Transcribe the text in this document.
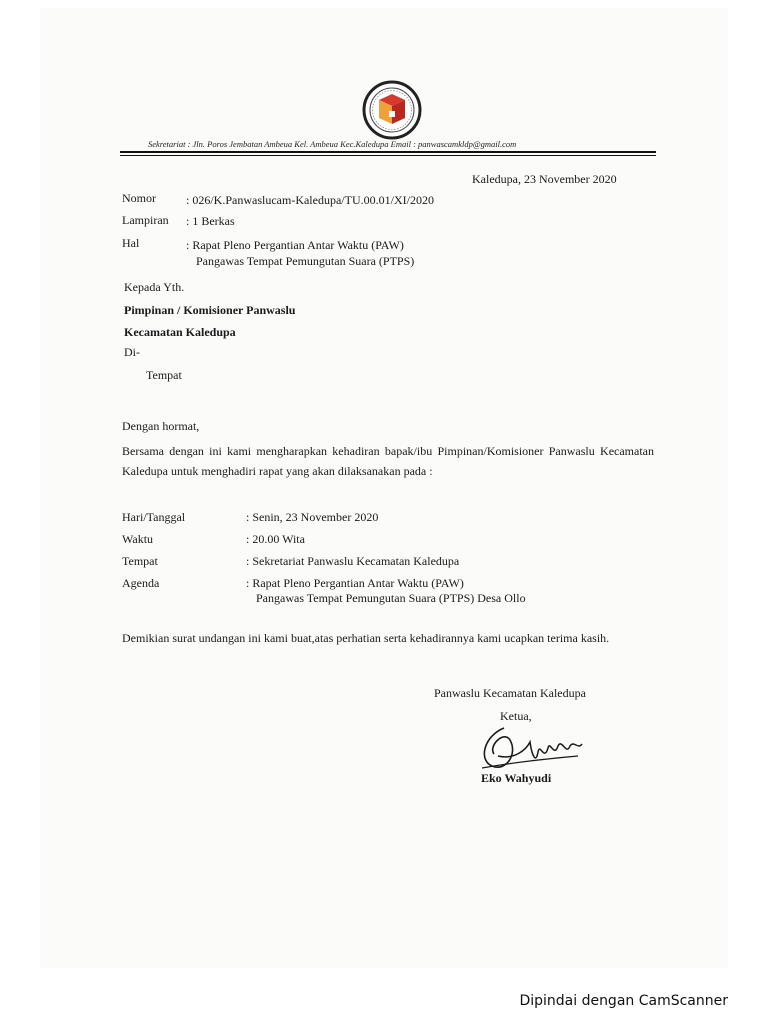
Sekretariat : Jln. Poros Jembatan Ambeua Kel. Ambeua Kec.Kaledupa Email : panwascamkldp@gmail.com
Kaledupa, 23 November 2020
Nomor	: 026/K.Panwaslucam-Kaledupa/TU.00.01/XI/2020
Lampiran : 1 Berkas
Hal	: Rapat Pleno Pergantian Antar Waktu (PAW)
Pangawas Tempat Pemungutan Suara (PTPS)
Kepada Yth.
Pimpinan / Komisioner Panwaslu
Kecamatan Kaledupa
Di-
Tempat
Dengan hormat,
Bersama dengan ini kami mengharapkan kehadiran bapak/ibu Pimpinan/Komisioner Panwaslu Kecamatan Kaledupa untuk menghadiri rapat yang akan dilaksanakan pada :
Hari/Tanggal	: Senin, 23 November 2020
Waktu	: 20.00 Wita
Tempat	: Sekretariat Panwaslu Kecamatan Kaledupa
Agenda	: Rapat Pleno Pergantian Antar Waktu (PAW)
Pangawas Tempat Pemungutan Suara (PTPS) Desa Ollo
Demikian surat undangan ini kami buat,atas perhatian serta kehadirannya kami ucapkan terima kasih.
Panwaslu Kecamatan Kaledupa
Ketua,
Eko Wahyudi
Dipindai dengan CamScanner
